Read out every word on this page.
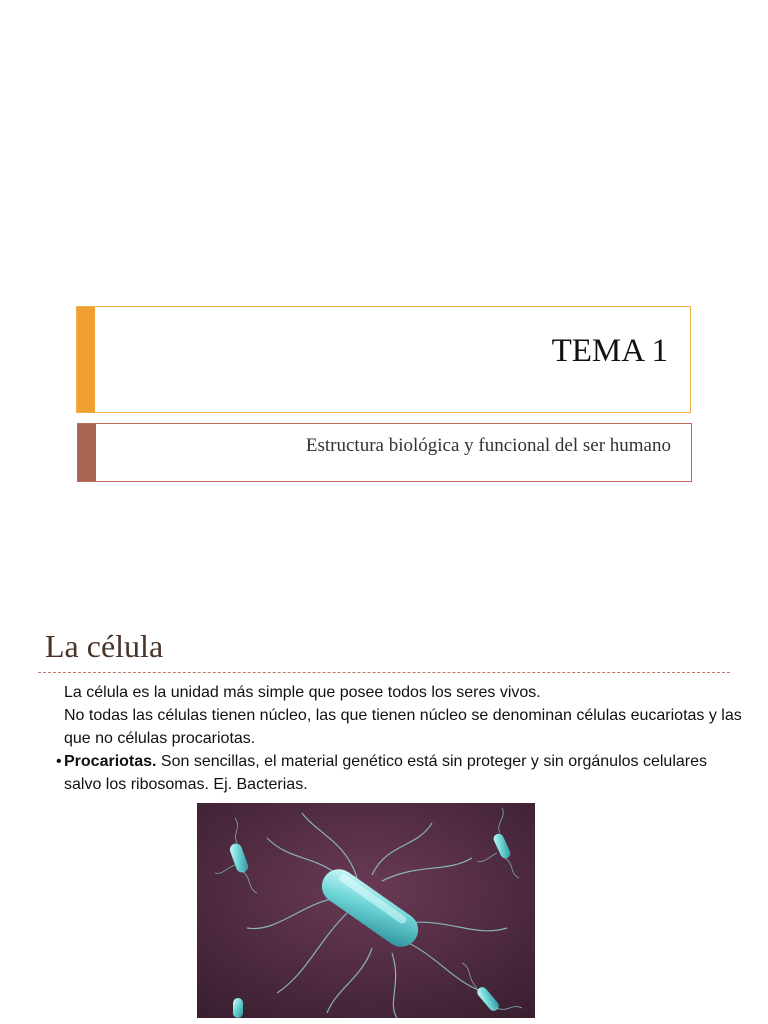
TEMA 1
Estructura biológica y funcional del ser humano
La célula

La célula es la unidad más simple que posee todos los seres vivos.

No todas las células tienen núcleo, las que tienen núcleo se denominan células eucariotas y las que no células procariotas.

• Procariotas. Son sencillas, el material genético está sin proteger y sin orgánulos celulares salvo los ribosomas. Ej. Bacterias.
